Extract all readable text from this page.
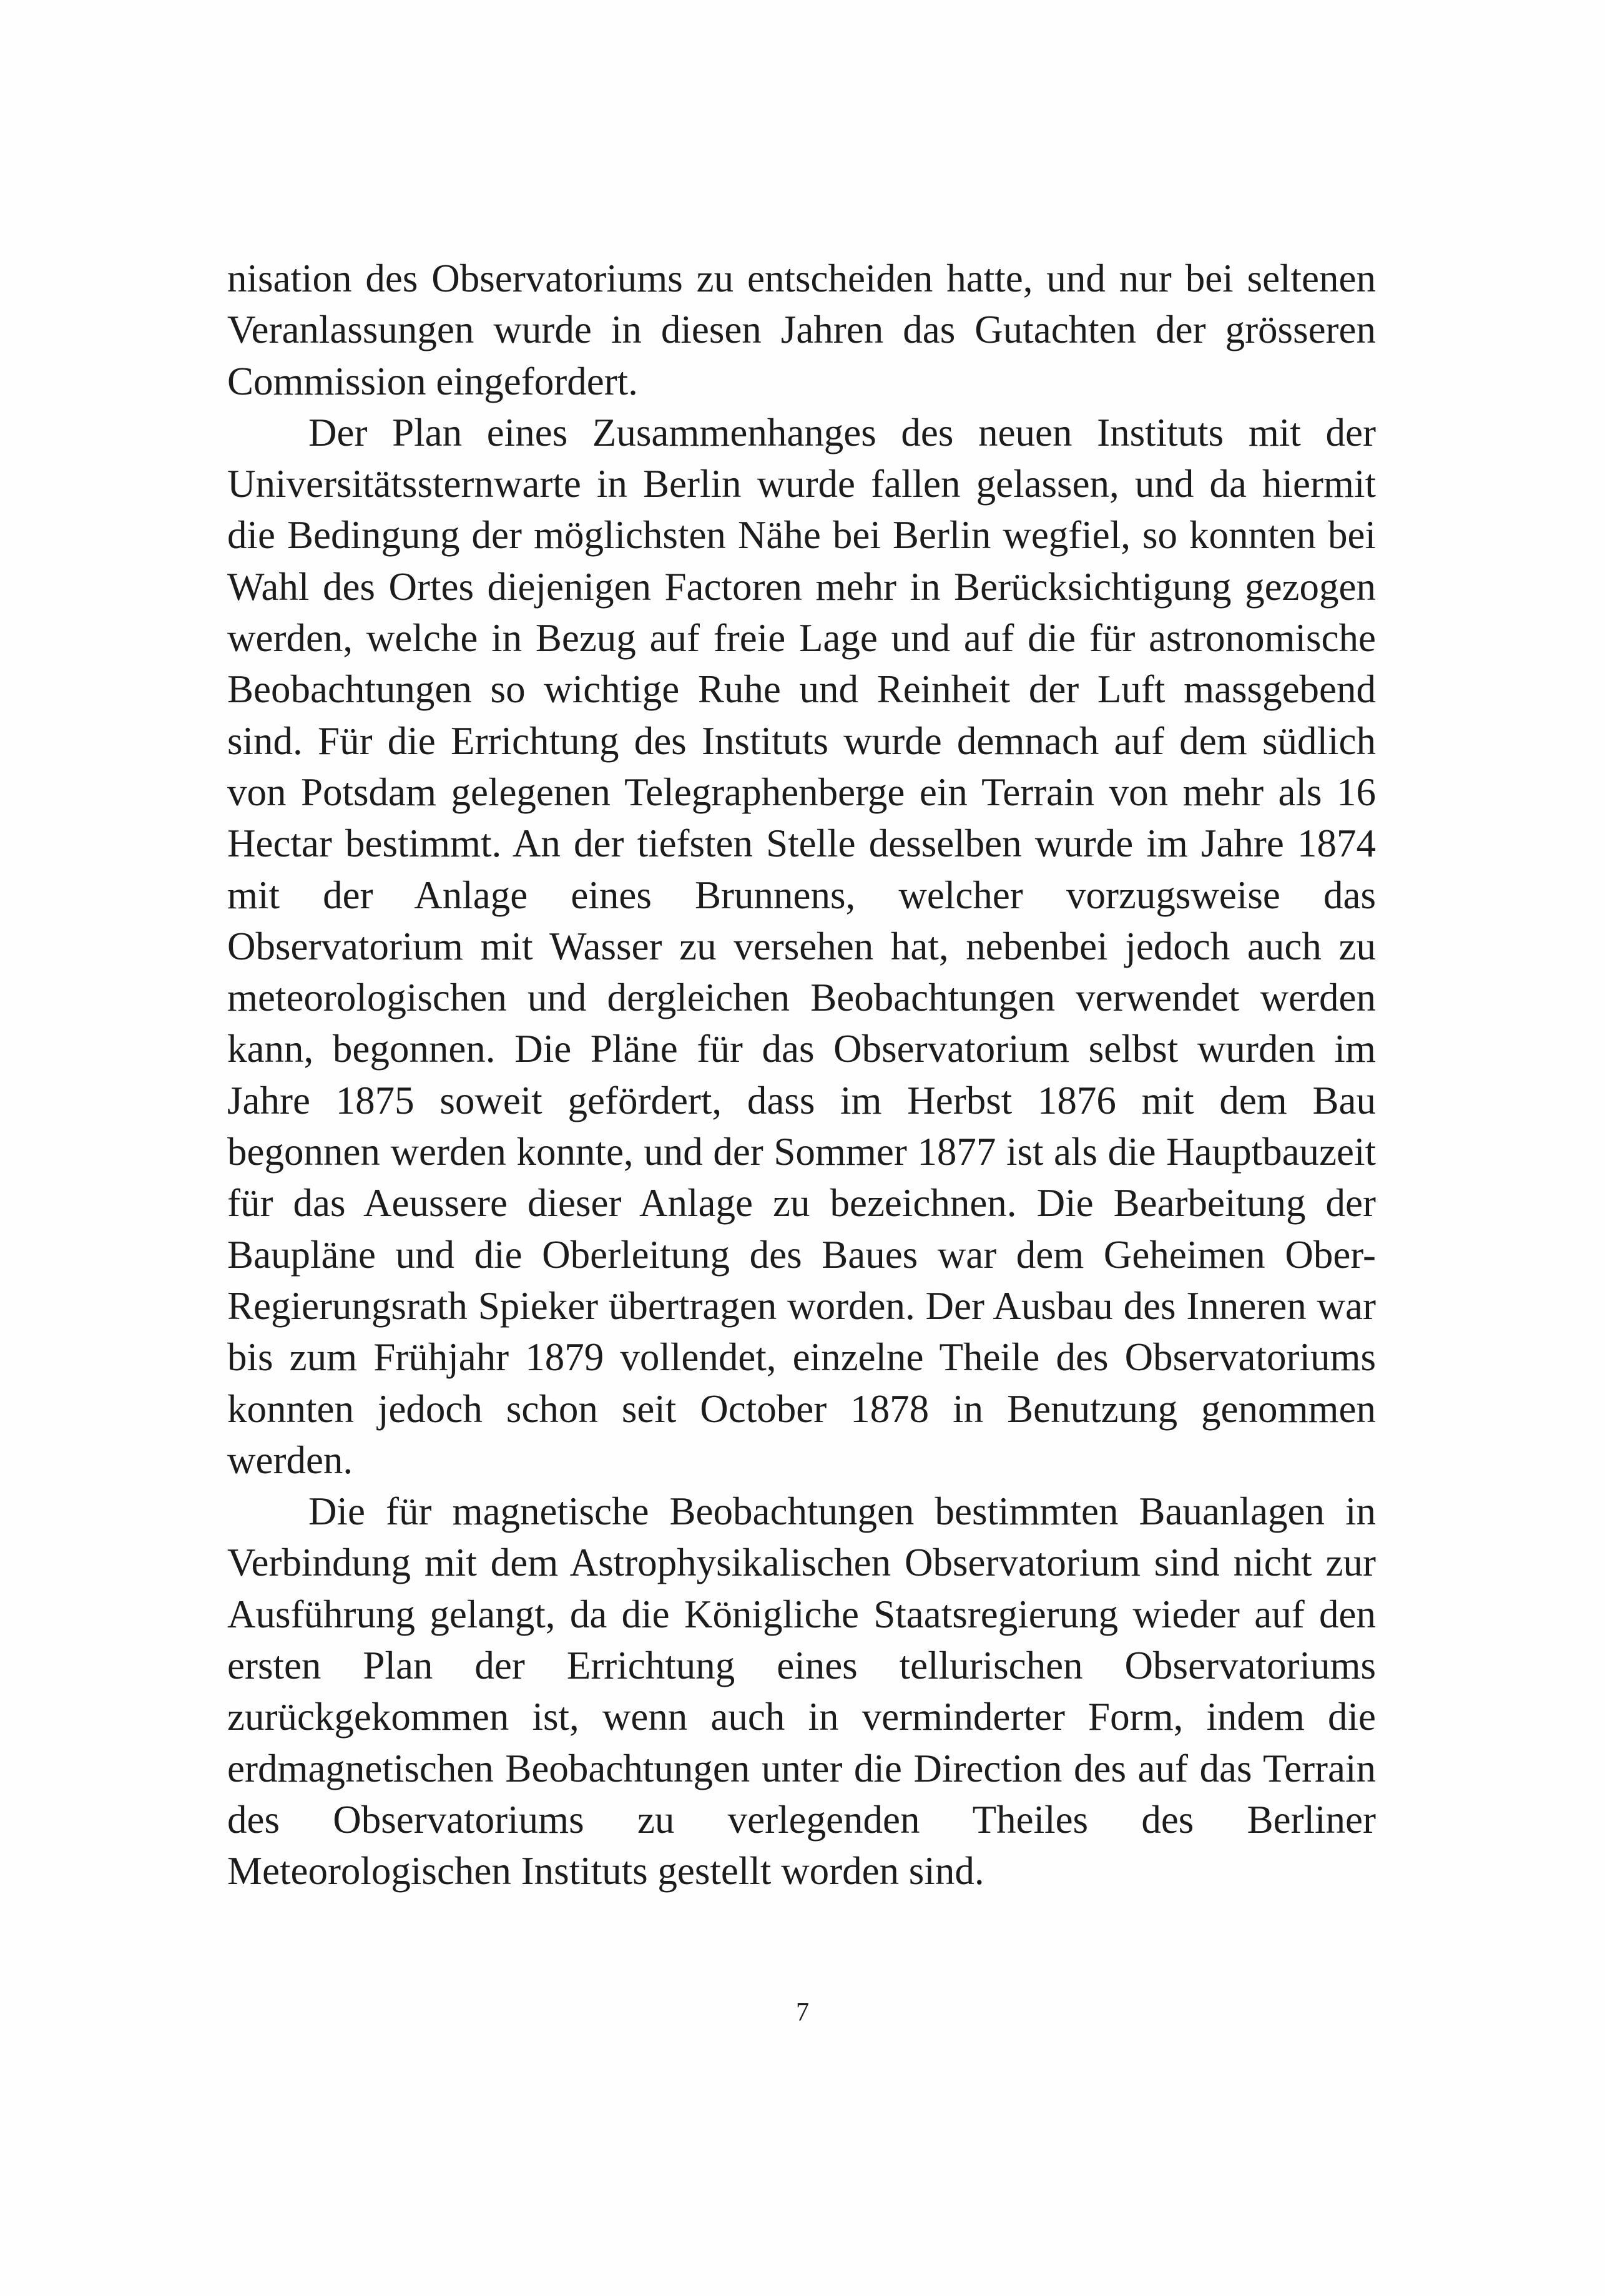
nisation des Observatoriums zu entscheiden hatte, und nur bei seltenen Veranlassungen wurde in diesen Jahren das Gutachten der grösseren Commission eingefordert.

Der Plan eines Zusammenhanges des neuen Instituts mit der Universitätssternwarte in Berlin wurde fallen gelassen, und da hiermit die Bedingung der möglichsten Nähe bei Berlin wegfiel, so konnten bei Wahl des Ortes diejenigen Factoren mehr in Berücksichtigung gezogen werden, welche in Bezug auf freie Lage und auf die für astronomische Beobachtungen so wichtige Ruhe und Reinheit der Luft massgebend sind. Für die Errichtung des Instituts wurde demnach auf dem südlich von Potsdam gelegenen Telegraphenberge ein Terrain von mehr als 16 Hectar bestimmt. An der tiefsten Stelle desselben wurde im Jahre 1874 mit der Anlage eines Brunnens, welcher vorzugsweise das Observatorium mit Wasser zu versehen hat, nebenbei jedoch auch zu meteorologischen und dergleichen Beobachtungen verwendet werden kann, begonnen. Die Pläne für das Observatorium selbst wurden im Jahre 1875 soweit gefördert, dass im Herbst 1876 mit dem Bau begonnen werden konnte, und der Sommer 1877 ist als die Hauptbauzeit für das Aeussere dieser Anlage zu bezeichnen. Die Bearbeitung der Baupläne und die Oberleitung des Baues war dem Geheimen Ober-Regierungsrath Spieker übertragen worden. Der Ausbau des Inneren war bis zum Frühjahr 1879 vollendet, einzelne Theile des Observatoriums konnten jedoch schon seit October 1878 in Benutzung genommen werden.

Die für magnetische Beobachtungen bestimmten Bauanlagen in Verbindung mit dem Astrophysikalischen Observatorium sind nicht zur Ausführung gelangt, da die Königliche Staatsregierung wieder auf den ersten Plan der Errichtung eines tellurischen Observatoriums zurückgekommen ist, wenn auch in verminderter Form, indem die erdmagnetischen Beobachtungen unter die Direction des auf das Terrain des Observatoriums zu verlegenden Theiles des Berliner Meteorologischen Instituts gestellt worden sind.

7
